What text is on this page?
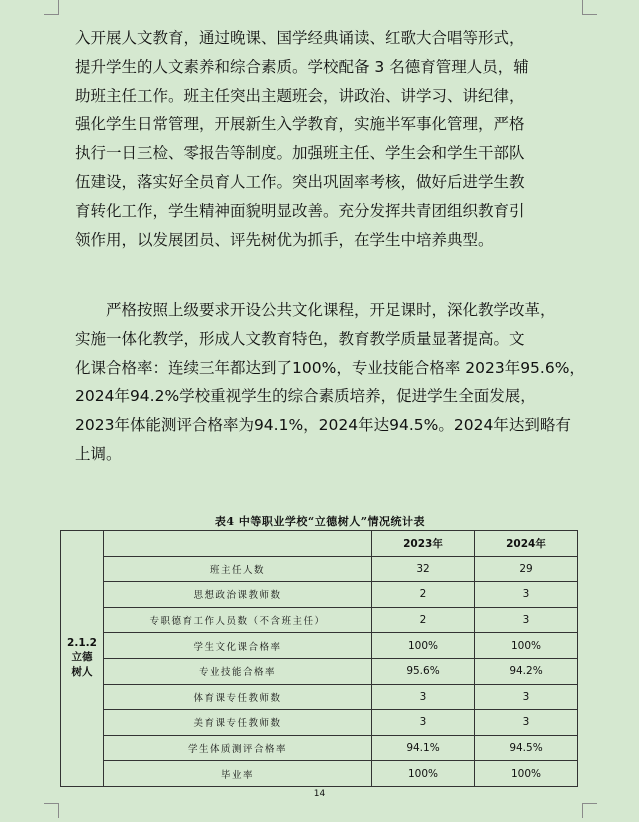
入开展人文教育，通过晚课、国学经典诵读、红歌大合唱等形式，
提升学生的人文素养和综合素质。学校配备 3 名德育管理人员，辅
助班主任工作。班主任突出主题班会，讲政治、讲学习、讲纪律，
强化学生日常管理，开展新生入学教育，实施半军事化管理，严格
执行一日三检、零报告等制度。加强班主任、学生会和学生干部队
伍建设，落实好全员育人工作。突出巩固率考核，做好后进学生教
育转化工作，学生精神面貌明显改善。充分发挥共青团组织教育引
领作用，以发展团员、评先树优为抓手，在学生中培养典型。
　　严格按照上级要求开设公共文化课程，开足课时，深化教学改革，
实施一体化教学，形成人文教育特色，教育教学质量显著提高。文
化课合格率：连续三年都达到了100%，专业技能合格率 2023年95.6%，
2024年94.2%学校重视学生的综合素质培养，促进学生全面发展，
2023年体能测评合格率为94.1%，2024年达94.5%。2024年达到略有
上调。
表4 中等职业学校“立德树人”情况统计表
2.1.2
立德
树人		2023年	2024年
	班主任人数	32	29
	思想政治课教师数	2	3
	专职德育工作人员数（不含班主任）	2	3
	学生文化课合格率	100%	100%
	专业技能合格率	95.6%	94.2%
	体育课专任教师数	3	3
	美育课专任教师数	3	3
	学生体质测评合格率	94.1%	94.5%
	毕业率	100%	100%
14
